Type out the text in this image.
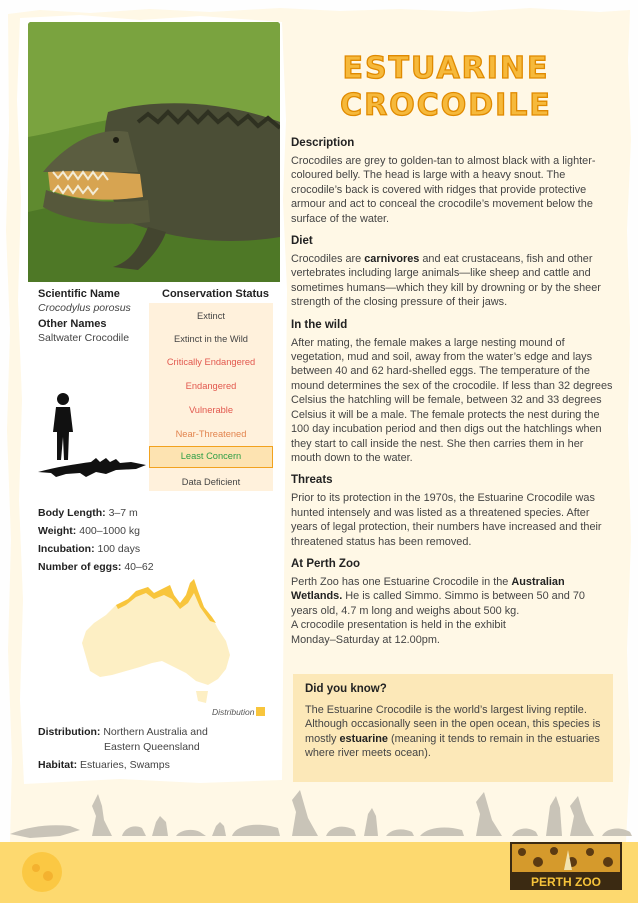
ESTUARINE
CROCODILE
Description
Crocodiles are grey to golden-tan to almost black with a lighter-coloured belly. The head is large with a heavy snout. The crocodile’s back is covered with ridges that provide protective armour and act to conceal the crocodile’s movement below the surface of the water.
Diet
Crocodiles are carnivores and eat crustaceans, fish and other vertebrates including large animals—like sheep and cattle and sometimes humans—which they kill by drowning or by the sheer strength of the closing pressure of their jaws.
In the wild
After mating, the female makes a large nesting mound of vegetation, mud and soil, away from the water’s edge and lays between 40 and 62 hard-shelled eggs. The temperature of the mound determines the sex of the crocodile. If less than 32 degrees Celsius the hatchling will be female, between 32 and 33 degrees Celsius it will be a male. The female protects the nest during the 100 day incubation period and then digs out the hatchlings when they start to call inside the nest. She then carries them in her mouth down to the water.
Threats
Prior to its protection in the 1970s, the Estuarine Crocodile was hunted intensely and was listed as a threatened species. After years of legal protection, their numbers have increased and their threatened status has been removed.
At Perth Zoo
Perth Zoo has one Estuarine Crocodile in the Australian Wetlands. He is called Simmo. Simmo is between 50 and 70 years old, 4.7 m long and weighs about 500 kg.
A crocodile presentation is held in the exhibit
Monday–Saturday at 12.00pm.
Scientific Name
Crocodylus porosus
Other Names
Saltwater Crocodile
Conservation Status
Extinct
Extinct in the Wild
Critically Endangered
Endangered
Vulnerable
Near-Threatened
Least Concern
Data Deficient
Body Length: 3–7 m
Weight: 400–1000 kg
Incubation: 100 days
Number of eggs: 40–62
Distribution
Distribution: Northern Australia and
Eastern Queensland
Habitat: Estuaries, Swamps
Did you know?
The Estuarine Crocodile is the world’s largest living reptile. Although occasionally seen in the open ocean, this species is mostly estuarine (meaning it tends to remain in the estuaries where river meets ocean).
PERTH ZOO
